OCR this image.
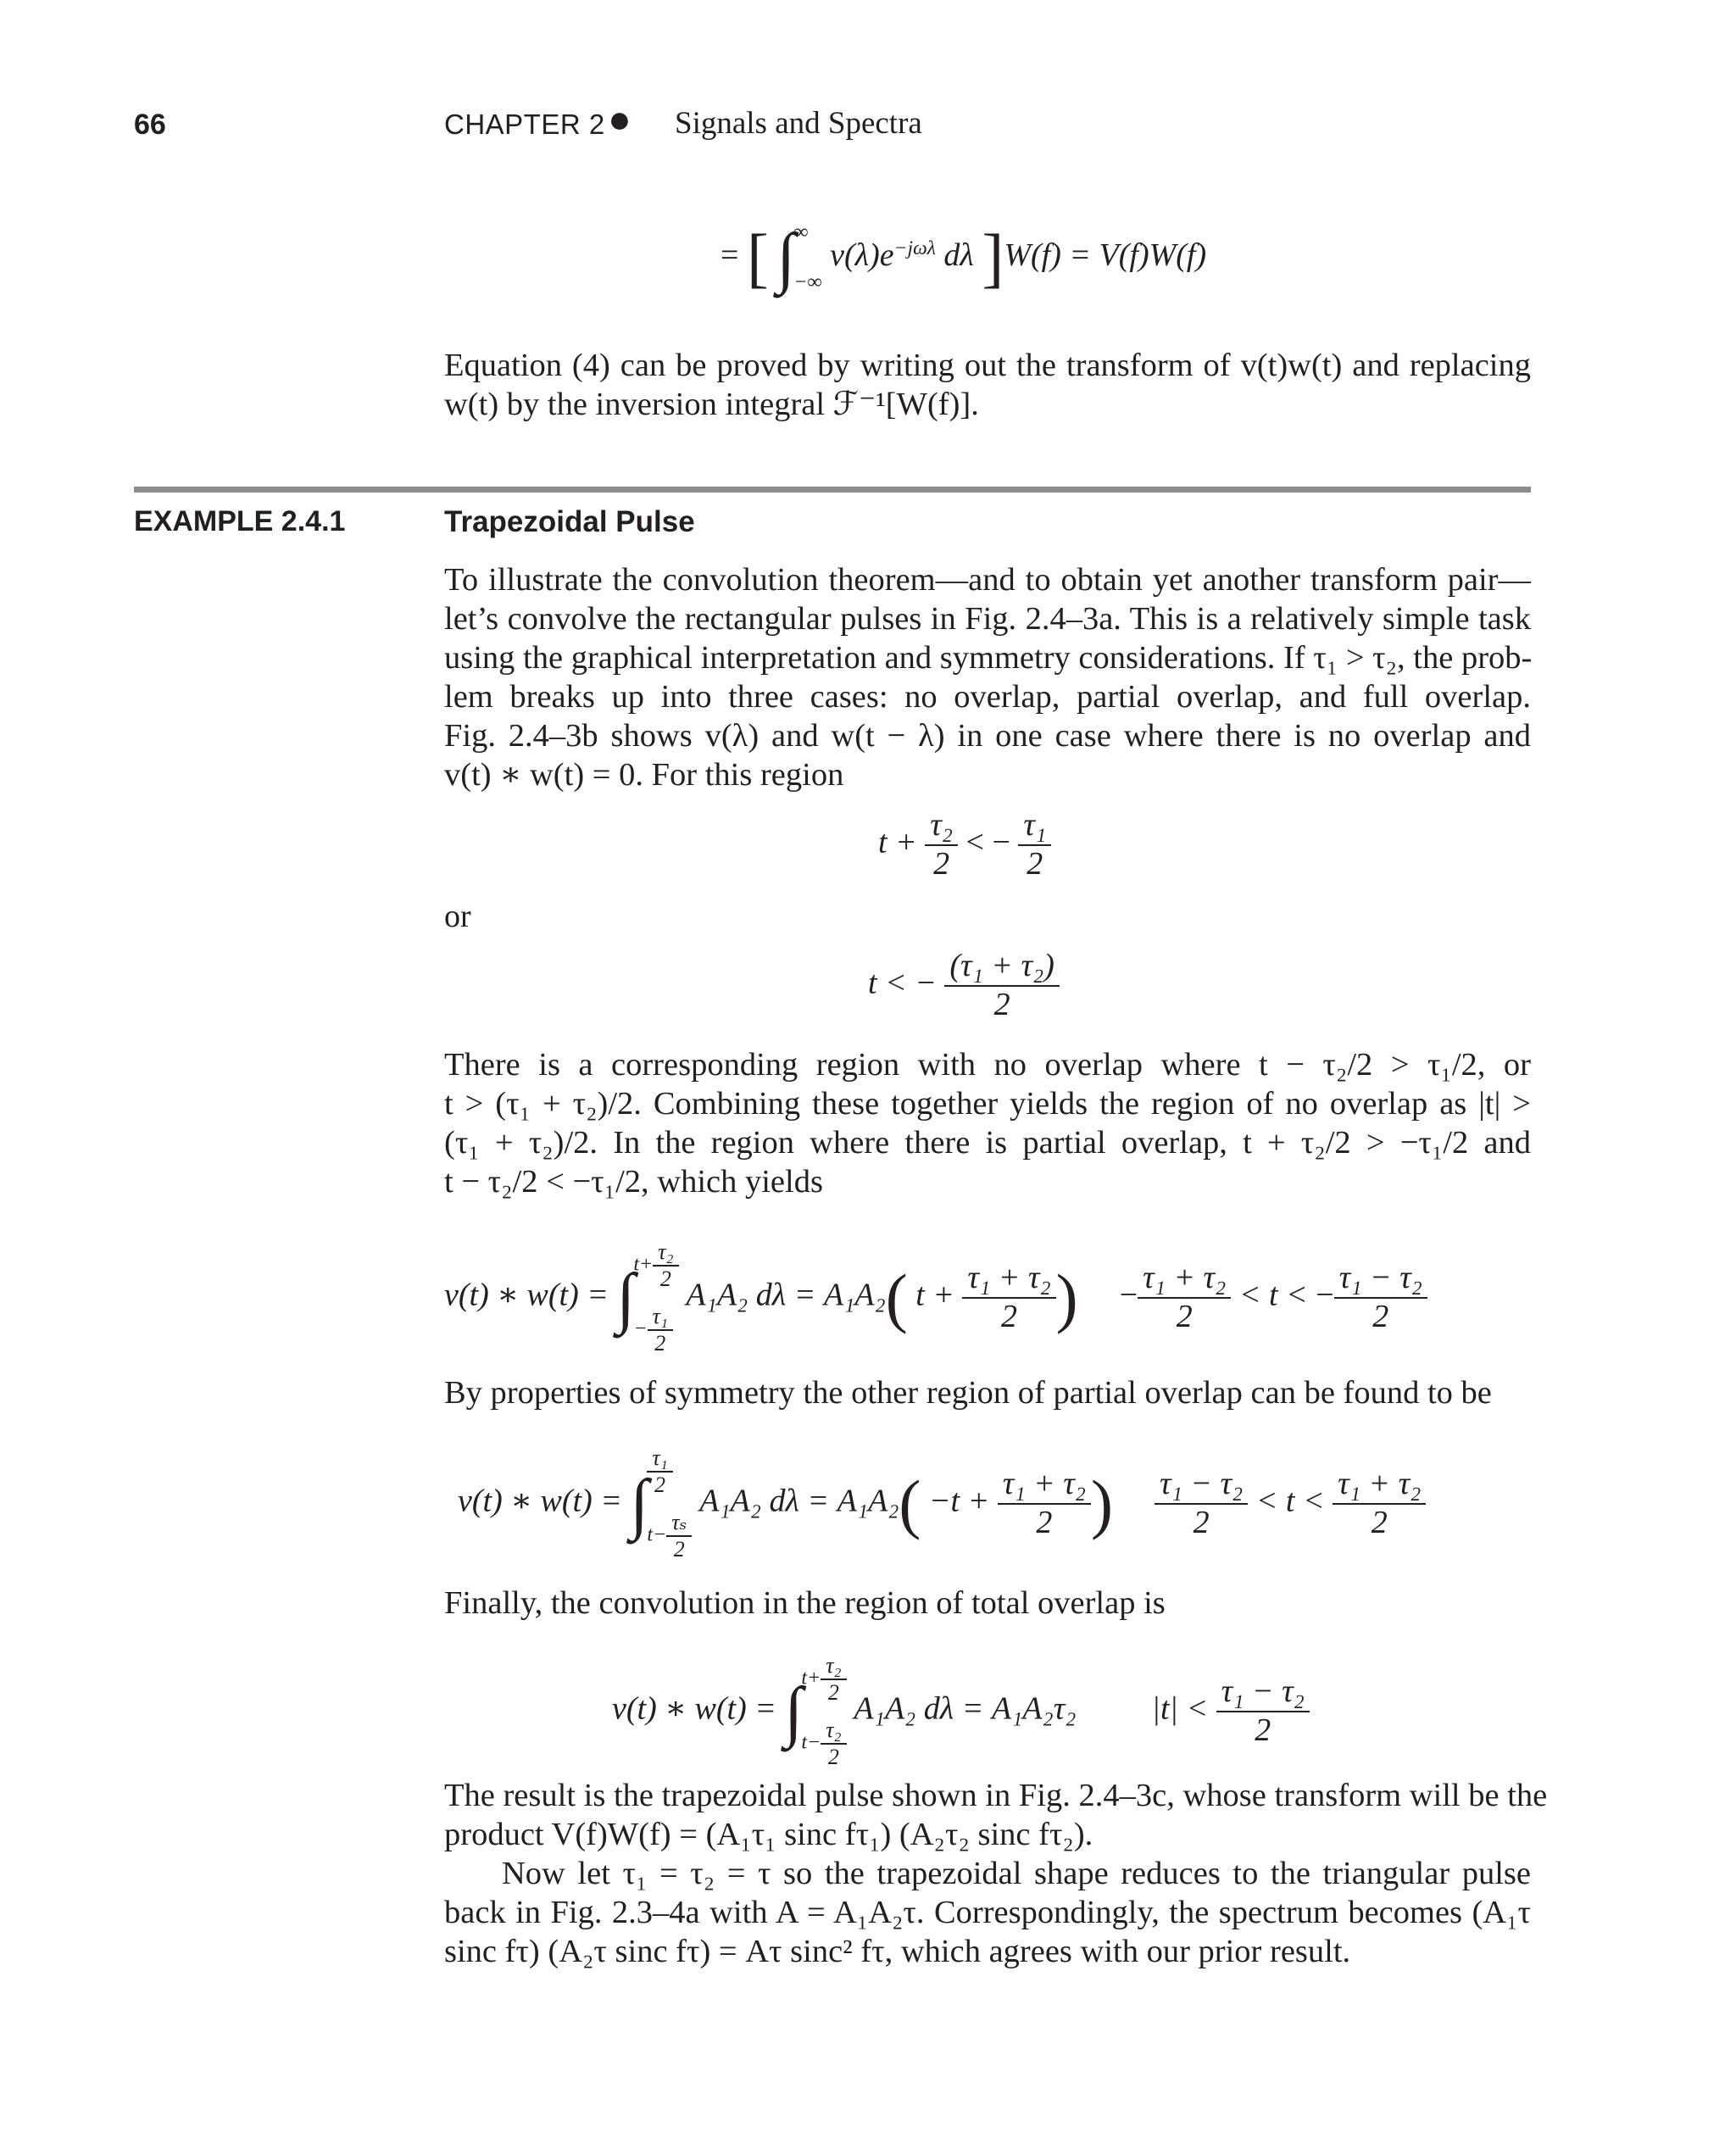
66	CHAPTER 2 ● Signals and Spectra
= [ ∫
∞
−∞
$v(\lambda)e^{-j\omega\lambda}$ dλ ]W(f) = V(f)W(f)
Equation (4) can be proved by writing out the transform of v(t)w(t) and replacing
w(t) by the inversion integral ℱ⁻¹[W(f)].
EXAMPLE 2.4.1	Trapezoidal Pulse
To illustrate the convolution theorem—and to obtain yet another transform pair—
let’s convolve the rectangular pulses in Fig. 2.4–3a. This is a relatively simple task
using the graphical interpretation and symmetry considerations. If τ₁ > τ₂, the prob-
lem breaks up into three cases: no overlap, partial overlap, and full overlap.
Fig. 2.4–3b shows v(λ) and w(t − λ) in one case where there is no overlap and
v(t) ∗ w(t) = 0. For this region
$t + \frac{\text{τ₂}}{2}$ < − $\frac{\text{τ₁}}{2}$
or
t < − $\frac{\text{(τ₁ + τ₂)}}{2}$
There is a corresponding region with no overlap where t − τ₂/2 > τ₁/2, or
t > (τ₁ + τ₂)/2. Combining these together yields the region of no overlap as |t| >
(τ₁ + τ₂)/2. In the region where there is partial overlap, t + τ₂/2 > −τ₁/2 and
t − τ₂/2 < −τ₁/2, which yields
v(t) ∗ w(t) = ∫
$t+ \frac{\text{τ₂}}{2}$
− $\frac{\text{τ₁}}{2}$
A₁A₂ dλ = A₁A₂( $t + \frac{\text{τ₁ + τ₂}}{2}$ ) − $\frac{\text{τ₁ + τ₂}}{2} < t$ < − $\frac{\text{τ₁ − τ₂}}{2}$
By properties of symmetry the other region of partial overlap can be found to be
v(t) ∗ w(t) = ∫
$\frac{\text{τ₁}}{2}$
$t- \frac{\text{τₛ}}{2}$
A₁A₂ $d\lambda = A_1A_2( -t + \frac{\text{τ₁ + τ₂}}{2}$ ) $\frac{\text{τ₁ − τ₂}}{2} < t < \frac{\text{τ₁ + τ₂}}{2}$
Finally, the convolution in the region of total overlap is
v(t) ∗ w(t) = ∫
$t+ \frac{\text{τ₂}}{2}$
$t- \frac{\text{τ₂}}{2}$
A₁A₂ dλ = A₁A₂τ₂ $|t| < \frac{\text{τ₁ − τ₂}}{2}$
The result is the trapezoidal pulse shown in Fig. 2.4–3c, whose transform will be the
product V(f)W(f) = (A₁τ₁ sinc fτ₁) (A₂τ₂ sinc fτ₂).
Now let τ₁ = τ₂ = τ so the trapezoidal shape reduces to the triangular pulse
back in Fig. 2.3–4a with A = A₁A₂τ. Correspondingly, the spectrum becomes (A₁τ
sinc fτ) (A₂τ sinc fτ) = Aτ sinc² fτ, which agrees with our prior result.
